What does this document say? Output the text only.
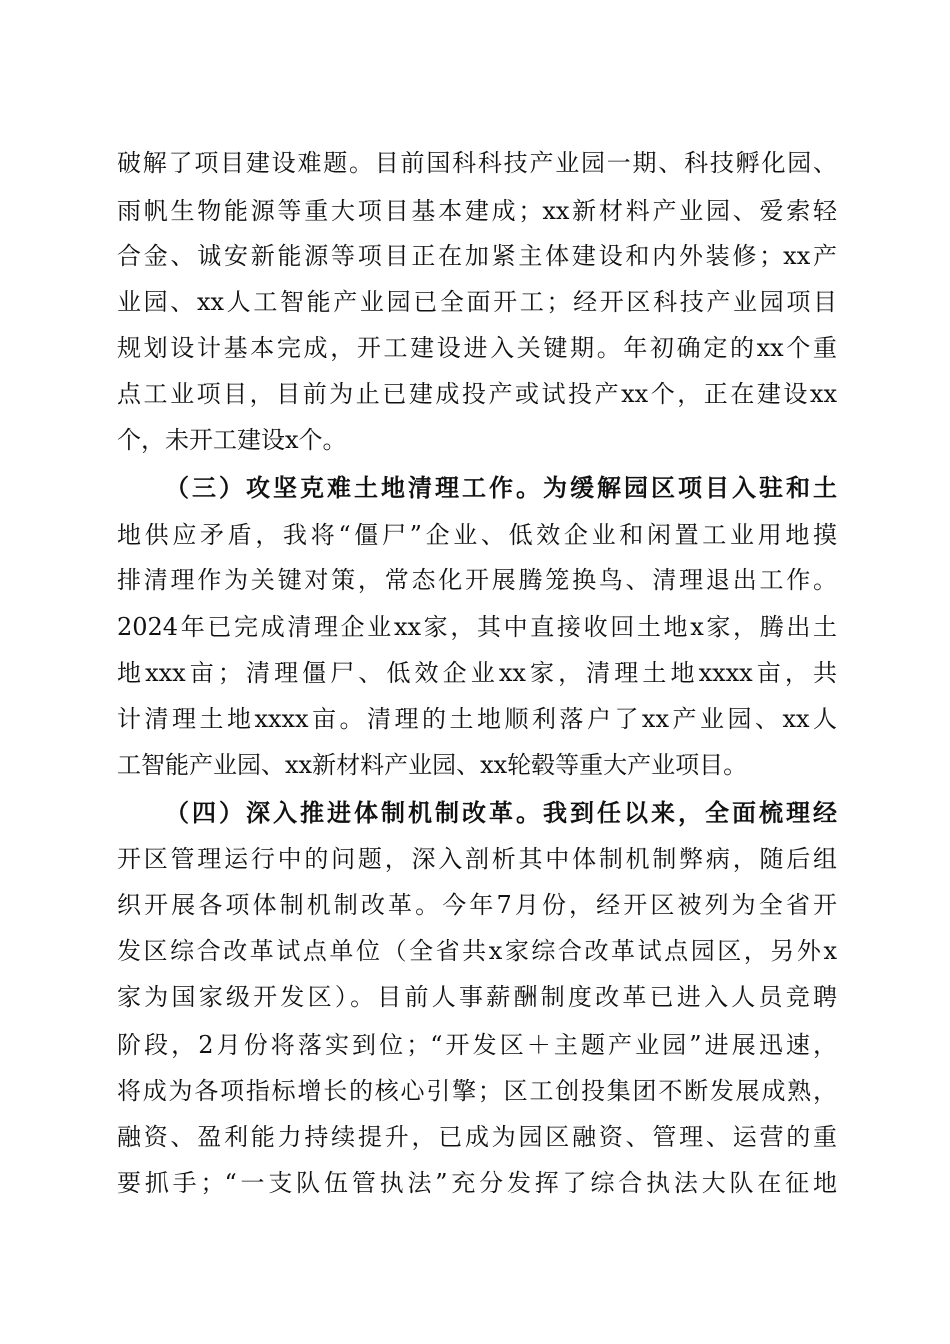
破解了项目建设难题。目前国科科技产业园一期、科技孵化园、
雨帆生物能源等重大项目基本建成；xx新材料产业园、爱索轻
合金、诚安新能源等项目正在加紧主体建设和内外装修；xx产
业园、xx人工智能产业园已全面开工；经开区科技产业园项目
规划设计基本完成，开工建设进入关键期。年初确定的xx个重
点工业项目，目前为止已建成投产或试投产xx个，正在建设xx
个，未开工建设x个。
（三）攻坚克难土地清理工作。为缓解园区项目入驻和土
地供应矛盾，我将“僵尸”企业、低效企业和闲置工业用地摸
排清理作为关键对策，常态化开展腾笼换鸟、清理退出工作。
2024年已完成清理企业xx家，其中直接收回土地x家，腾出土
地xxx亩；清理僵尸、低效企业xx家，清理土地xxxx亩，共
计清理土地xxxx亩。清理的土地顺利落户了xx产业园、xx人
工智能产业园、xx新材料产业园、xx轮毂等重大产业项目。
（四）深入推进体制机制改革。我到任以来，全面梳理经
开区管理运行中的问题，深入剖析其中体制机制弊病，随后组
织开展各项体制机制改革。今年7月份，经开区被列为全省开
发区综合改革试点单位（全省共x家综合改革试点园区，另外x
家为国家级开发区）。目前人事薪酬制度改革已进入人员竞聘
阶段，2月份将落实到位；“开发区＋主题产业园”进展迅速，
将成为各项指标增长的核心引擎；区工创投集团不断发展成熟，
融资、盈利能力持续提升，已成为园区融资、管理、运营的重
要抓手；“一支队伍管执法”充分发挥了综合执法大队在征地
